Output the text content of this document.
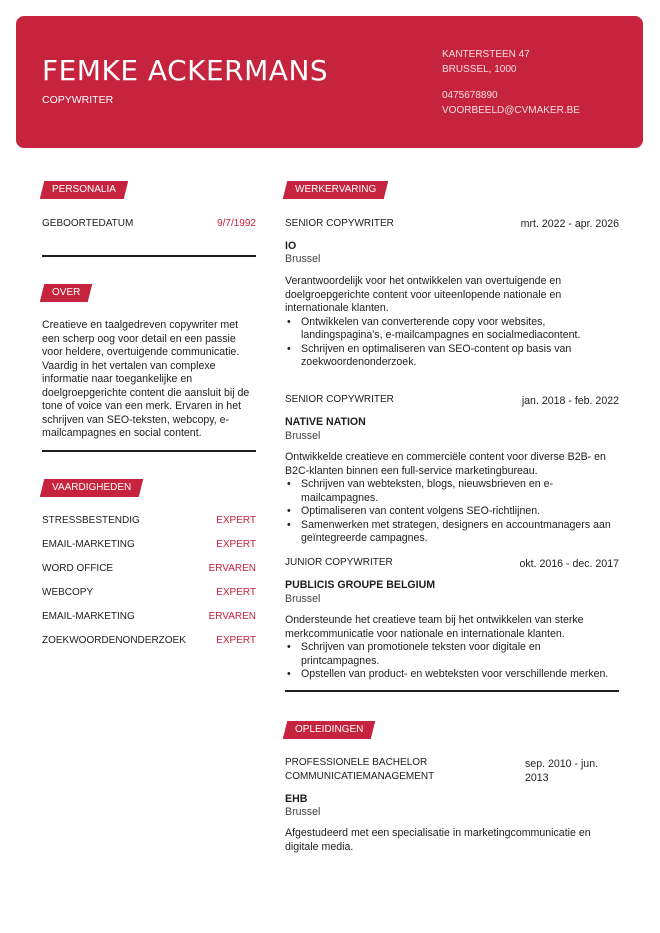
FEMKE ACKERMANS
COPYWRITER
KANTERSTEEN 47
BRUSSEL, 1000
0475678890
VOORBEELD@CVMAKER.BE
PERSONALIA
GEBOORTEDATUM	9/7/1992
OVER
Creatieve en taalgedreven copywriter met een scherp oog voor detail en een passie voor heldere, overtuigende communicatie. Vaardig in het vertalen van complexe informatie naar toegankelijke en doelgroepgerichte content die aansluit bij de tone of voice van een merk. Ervaren in het schrijven van SEO-teksten, webcopy, e-mailcampagnes en social content.
VAARDIGHEDEN
STRESSBESTENDIG	EXPERT
EMAIL-MARKETING	EXPERT
WORD OFFICE	ERVAREN
WEBCOPY	EXPERT
EMAIL-MARKETING	ERVAREN
ZOEKWOORDENONDERZOEK	EXPERT
WERKERVARING
SENIOR COPYWRITER	mrt. 2022 - apr. 2026
IO
Brussel
Verantwoordelijk voor het ontwikkelen van overtuigende en doelgroepgerichte content voor uiteenlopende nationale en internationale klanten.
• Ontwikkelen van converterende copy voor websites, landingspagina's, e-mailcampagnes en socialmediacontent.
• Schrijven en optimaliseren van SEO-content op basis van zoekwoordenonderzoek.
SENIOR COPYWRITER	jan. 2018 - feb. 2022
NATIVE NATION
Brussel
Ontwikkelde creatieve en commerciële content voor diverse B2B- en B2C-klanten binnen een full-service marketingbureau.
• Schrijven van webteksten, blogs, nieuwsbrieven en e-mailcampagnes.
• Optimaliseren van content volgens SEO-richtlijnen.
• Samenwerken met strategen, designers en accountmanagers aan geïntegreerde campagnes.
JUNIOR COPYWRITER	okt. 2016 - dec. 2017
PUBLICIS GROUPE BELGIUM
Brussel
Ondersteunde het creatieve team bij het ontwikkelen van sterke merkcommunicatie voor nationale en internationale klanten.
• Schrijven van promotionele teksten voor digitale en printcampagnes.
• Opstellen van product- en webteksten voor verschillende merken.
OPLEIDINGEN
PROFESSIONELE BACHELOR
COMMUNICATIEMANAGEMENT
sep. 2010 - jun.
2013
EHB
Brussel
Afgestudeerd met een specialisatie in marketingcommunicatie en digitale media.
